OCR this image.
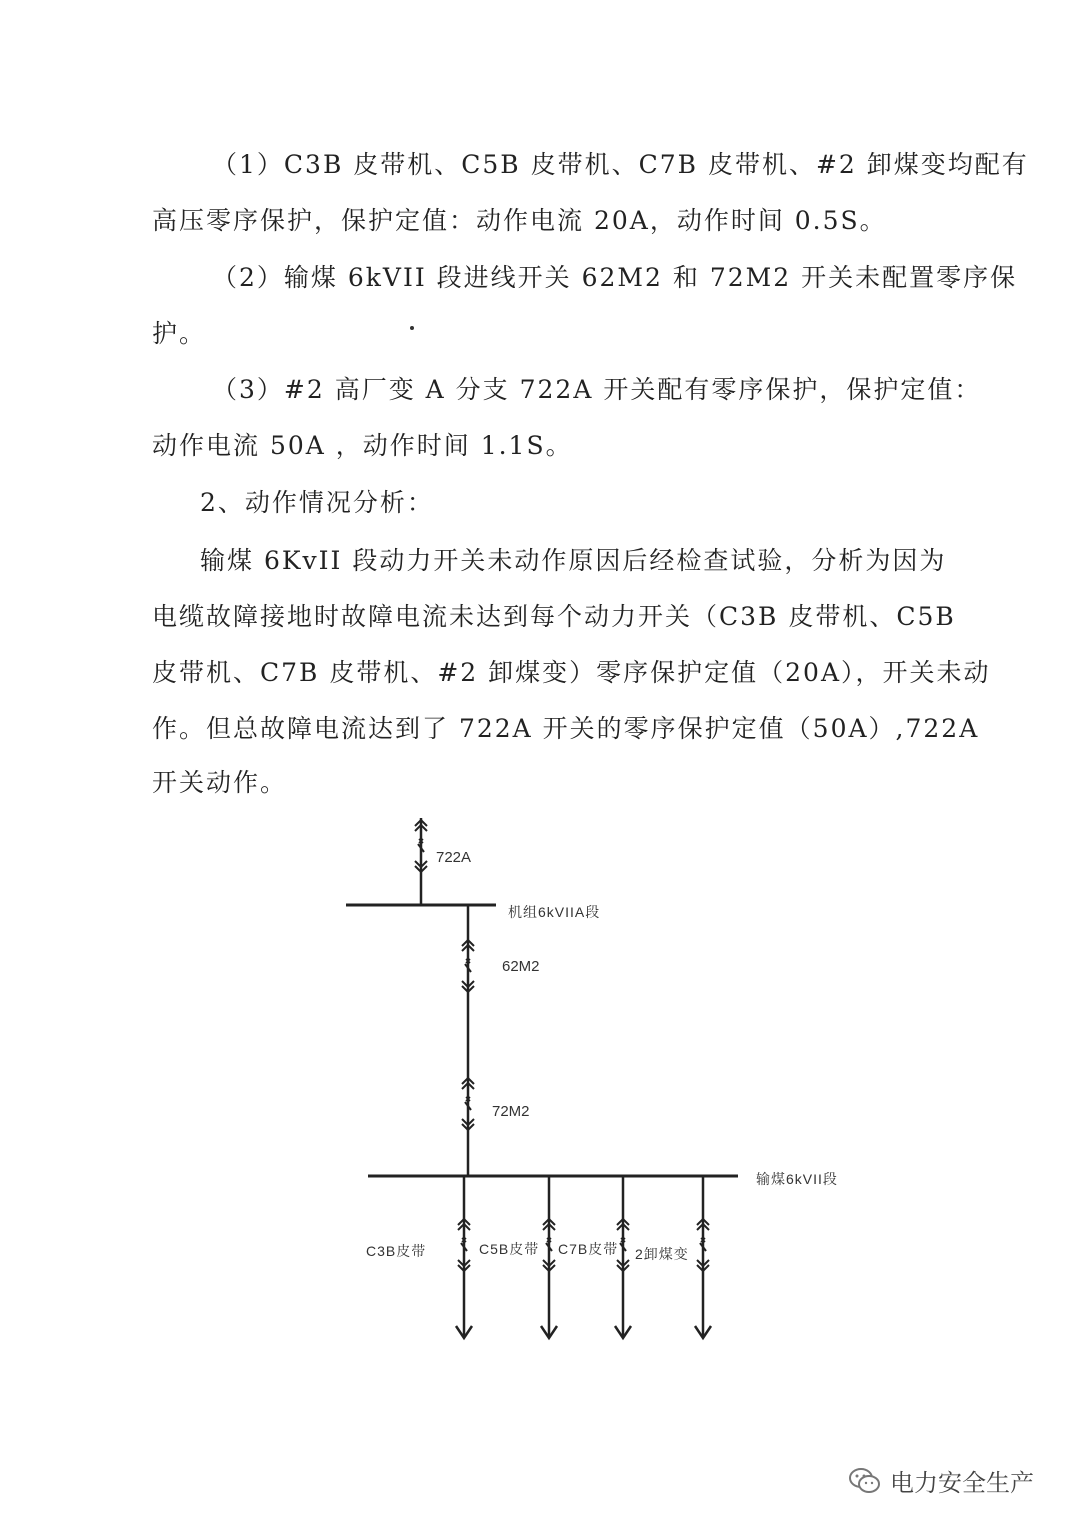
（1）C3B 皮带机、C5B 皮带机、C7B 皮带机、#2 卸煤变均配有
高压零序保护，保护定值：动作电流 20A，动作时间 0.5S。
（2）输煤 6kVII 段进线开关 62M2 和 72M2 开关未配置零序保
护。
（3）#2 高厂变 A 分支 722A 开关配有零序保护，保护定值：
动作电流 50A ，动作时间 1.1S。
2、动作情况分析：
输煤 6KvII 段动力开关未动作原因后经检查试验，分析为因为
电缆故障接地时故障电流未达到每个动力开关（C3B 皮带机、C5B
皮带机、C7B 皮带机、#2 卸煤变）零序保护定值（20A），开关未动
作。但总故障电流达到了 722A 开关的零序保护定值（50A）,722A
开关动作。
722A
机组6kVIIA段
62M2
72M2
输煤6kVII段
C3B皮带	C5B皮带 C7B皮带 2卸煤变
电力安全生产
